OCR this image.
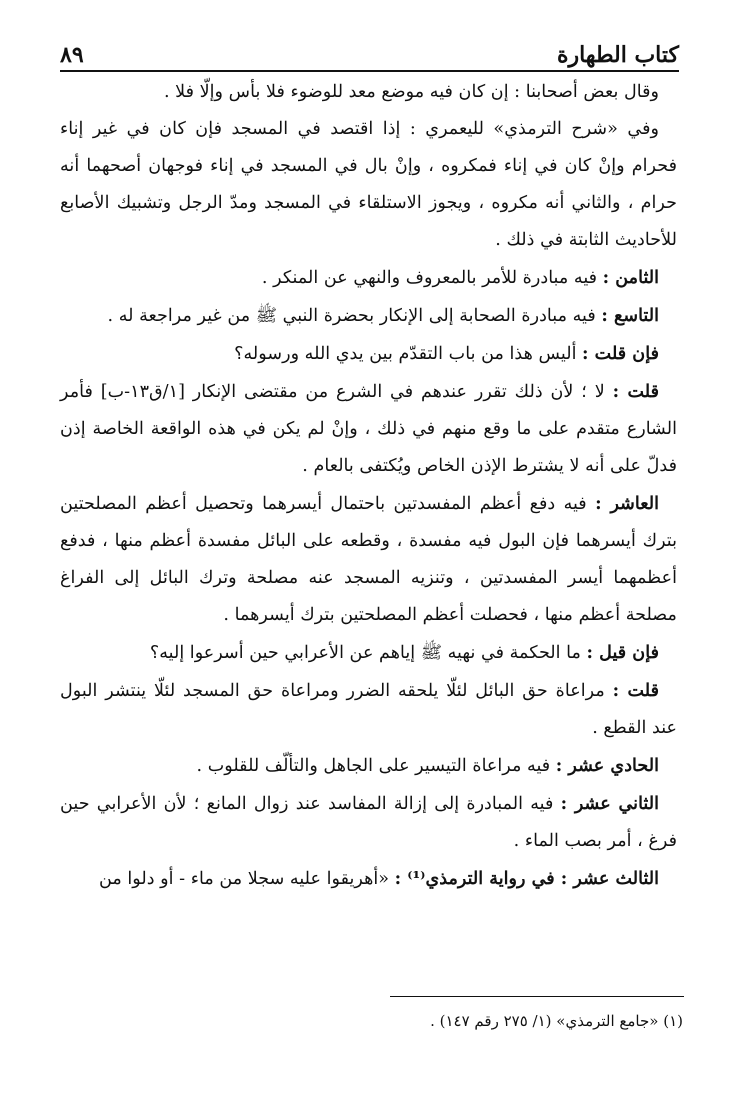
كتاب الطهارة
٨٩

وقال بعض أصحابنا : إن كان فيه موضع معد للوضوء فلا بأس وإلّا فلا .

وفي «شرح الترمذي» لليعمري : إذا اقتصد في المسجد فإن كان في غير إناء فحرام وإنْ كان في إناء فمكروه ، وإنْ بال في المسجد في إناء فوجهان أصحهما أنه حرام ، والثاني أنه مكروه ، ويجوز الاستلقاء في المسجد ومدّ الرجل وتشبيك الأصابع للأحاديث الثابتة في ذلك .

الثامن : فيه مبادرة للأمر بالمعروف والنهي عن المنكر .

التاسع : فيه مبادرة الصحابة إلى الإنكار بحضرة النبي ﷺ من غير مراجعة له .

فإن قلت : أليس هذا من باب التقدّم بين يدي الله ورسوله؟

قلت : لا ؛ لأن ذلك تقرر عندهم في الشرع من مقتضى الإنكار [١/ق١٣-ب] فأمر الشارع متقدم على ما وقع منهم في ذلك ، وإنْ لم يكن في هذه الواقعة الخاصة إذن فدلّ على أنه لا يشترط الإذن الخاص ويُكتفى بالعام .

العاشر : فيه دفع أعظم المفسدتين باحتمال أيسرهما وتحصيل أعظم المصلحتين بترك أيسرهما فإن البول فيه مفسدة ، وقطعه على البائل مفسدة أعظم منها ، فدفع أعظمهما أيسر المفسدتين ، وتنزيه المسجد عنه مصلحة وترك البائل إلى الفراغ مصلحة أعظم منها ، فحصلت أعظم المصلحتين بترك أيسرهما .

فإن قيل : ما الحكمة في نهيه ﷺ إياهم عن الأعرابي حين أسرعوا إليه؟

قلت : مراعاة حق البائل لئلّا يلحقه الضرر ومراعاة حق المسجد لئلّا ينتشر البول عند القطع .

الحادي عشر : فيه مراعاة التيسير على الجاهل والتألّف للقلوب .

الثاني عشر : فيه المبادرة إلى إزالة المفاسد عند زوال المانع ؛ لأن الأعرابي حين فرغ ، أمر بصب الماء .

الثالث عشر : في رواية الترمذي⁽¹⁾ : «أهريقوا عليه سجلا من ماء - أو دلوا من

(١) «جامع الترمذي» (١/ ٢٧٥ رقم ١٤٧) .
